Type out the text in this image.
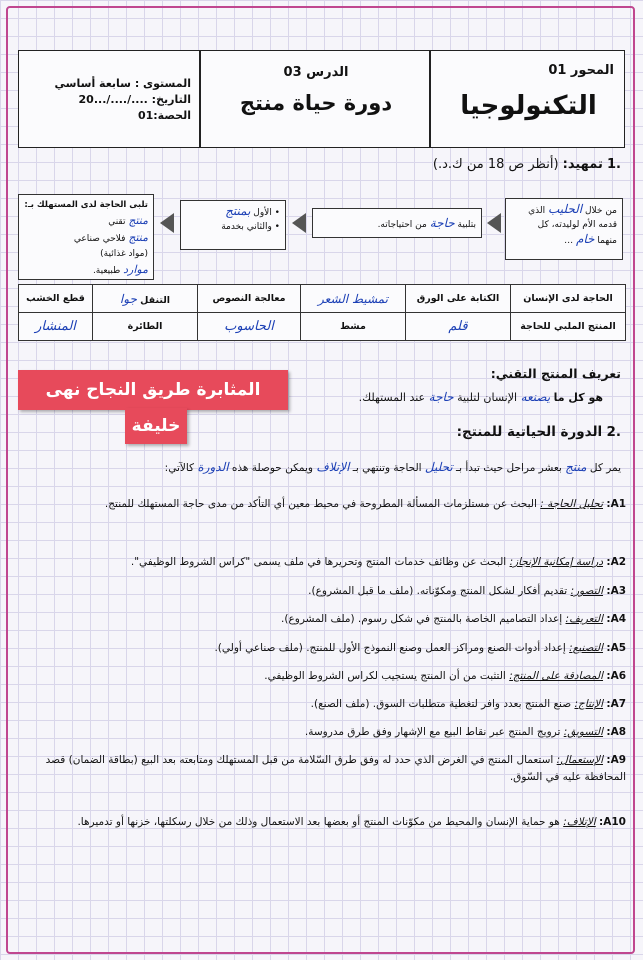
المحور 01
التكنولوجيا
الدرس 03
دورة حياة منتج
المستوى : سابعة أساسي
التاريخ: ..../..../...20
الحصة:01
.1 تمهيد: (أنظر ص 18 من ك.د.)
من خلال الحليب الذي
قدمه الأم لوليدته، كل
منهما خام …
بتلبية حاجة من احتياجاته.
• الأول بمنتج
• والثاني بخدمة
تلبى الحاجة لدى المستهلك بـ:
منتج تقني
منتج فلاحي صناعي
(مواد غذائية)
موارد طبيعية.
الحاجة لدى الإنسان	الكتابة على الورق	تمشيط الشعر	معالجة النصوص	التنقل جوا	قطع الخشب
المنتج الملبي للحاجة	قلم	مشط	الحاسوب	الطائرة	المنشار
تعريف المنتج التقني:
هو كل ما يصنعه الإنسان لتلبية حاجة عند المستهلك.
المثابرة طريق النجاح نهى
خليفة	.2 الدورة الحياتية للمنتج:
يمر كل منتج بعشر مراحل حيث تبدأ بـ تحليل الحاجة وتنتهي بـ الإتلاف ويمكن حوصلة هذه الدورة كالآتي:
A1: تحليل الحاجة : البحث عن مستلزمات المسألة المطروحة في محيط معين أي التأكد من مدى حاجة المستهلك للمنتج.
A2: دراسة إمكانية الإنجاز: البحث عن وظائف خدمات المنتج وتحريرها في ملف يسمى "كراس الشروط الوظيفي".
A3: التصور: تقديم أفكار لشكل المنتج ومكوّناته. (ملف ما قبل المشروع).
A4: التعريف: إعداد التصاميم الخاصة بالمنتج في شكل رسوم. (ملف المشروع).
A5: التصنيع: إعداد أدوات الصنع ومراكز العمل وصنع النموذج الأول للمنتج. (ملف صناعي أولي).
A6: المصادقة على المنتج: التثبت من أن المنتج يستجيب لكراس الشروط الوظيفي.
A7: الإنتاج: صنع المنتج بعدد وافر لتغطية متطلبات السوق. (ملف الصنع).
A8: التسويق: ترويج المنتج عبر نقاط البيع مع الإشهار وفق طرق مدروسة.
A9: الإستعمال: استعمال المنتج في الغرض الذي حدد له وفق طرق السّلامة من قبل المستهلك ومتابعته بعد البيع (بطاقة الضمان) قصد المحافظة عليه في السّوق.
A10: الإتلاف: هو حماية الإنسان والمحيط من مكوّنات المنتج أو بعضها بعد الاستعمال وذلك من خلال رسكلتها، خزنها أو تدميرها.
